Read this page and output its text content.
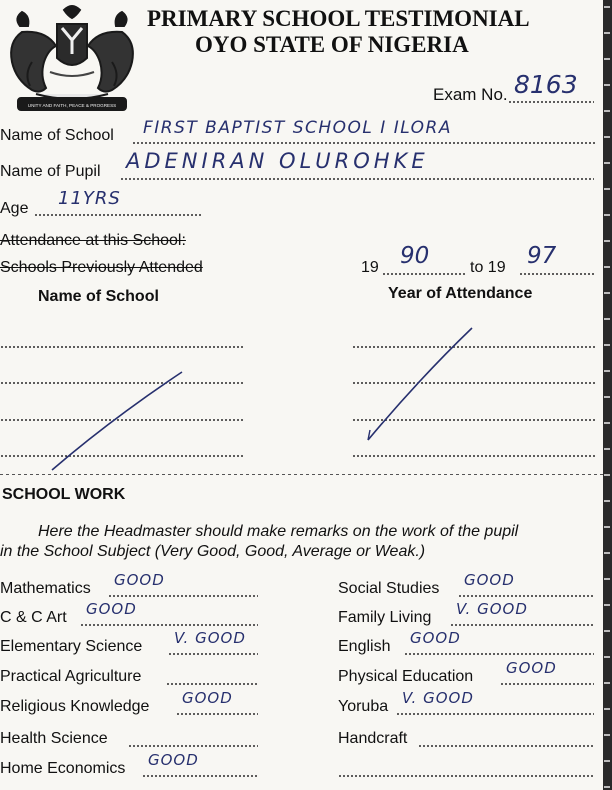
UNITY AND FAITH, PEACE & PROGRESS
PRIMARY SCHOOL TESTIMONIAL
OYO STATE OF NIGERIA
Exam No. 8163
Name of School FIRST BAPTIST SCHOOL I ILORA
Name of Pupil ADENIRAN OLUROHKE
Age 11YRS
Attendance at this School:
Schools Previously Attended	19 90	to 19 97
Name of School	Year of Attendance
SCHOOL WORK
Here the Headmaster should make remarks on the work of the pupil
in the School Subject (Very Good, Good, Average or Weak.)
Mathematics GOOD
C & C Art GOOD
Elementary Science V. GOOD
Practical Agriculture
Religious Knowledge GOOD
Health Science
Home Economics GOOD
Social Studies GOOD
Family Living V. GOOD
English GOOD
Physical Education GOOD
Yoruba V. GOOD
Handcraft
